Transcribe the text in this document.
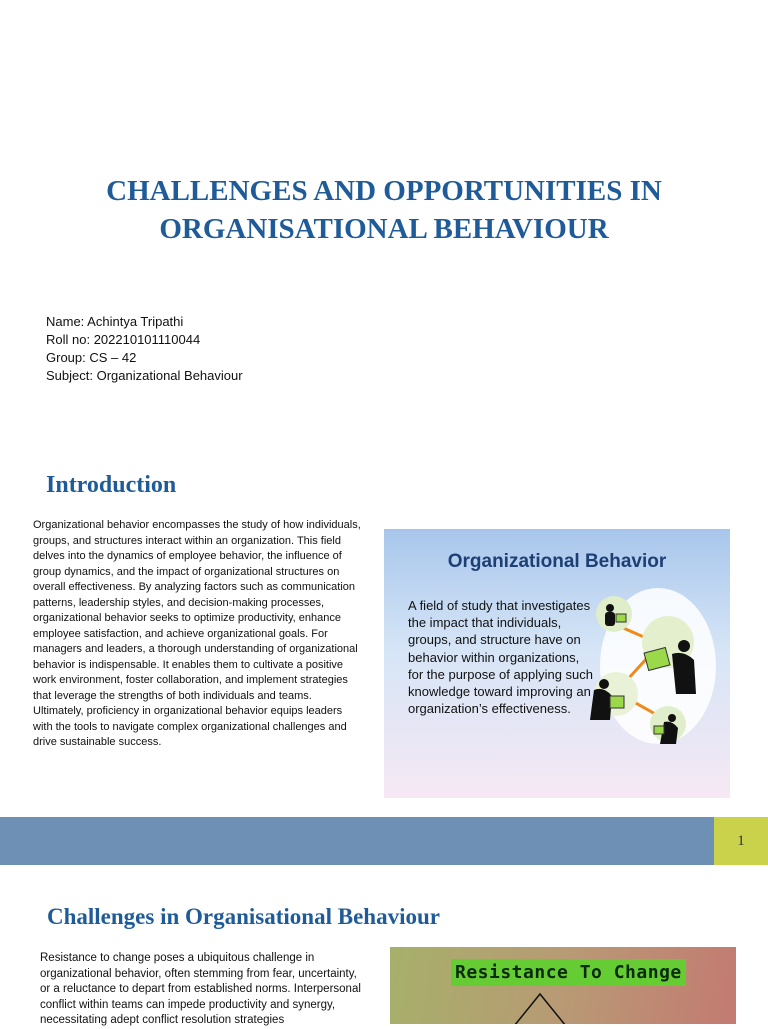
CHALLENGES AND OPPORTUNITIES IN
ORGANISATIONAL BEHAVIOUR
Name: Achintya Tripathi
Roll no: 202210101110044
Group: CS – 42
Subject: Organizational Behaviour
Introduction

Organizational behavior encompasses the study of how individuals, groups, and structures interact within an organization. This field delves into the dynamics of employee behavior, the influence of group dynamics, and the impact of organizational structures on overall effectiveness. By analyzing factors such as communication patterns, leadership styles, and decision-making processes, organizational behavior seeks to optimize productivity, enhance employee satisfaction, and achieve organizational goals. For managers and leaders, a thorough understanding of organizational behavior is indispensable. It enables them to cultivate a positive work environment, foster collaboration, and implement strategies that leverage the strengths of both individuals and teams. Ultimately, proficiency in organizational behavior equips leaders with the tools to navigate complex organizational challenges and drive sustainable success.

Organizational Behavior
A field of study that investigates the impact that individuals, groups, and structure have on behavior within organizations, for the purpose of applying such knowledge toward improving an organization’s effectiveness.
1
Challenges in Organisational Behaviour

Resistance to change poses a ubiquitous challenge in organizational behavior, often stemming from fear, uncertainty, or a reluctance to depart from established norms. Interpersonal conflict within teams can impede productivity and synergy, necessitating adept conflict resolution strategies

Resistance To Change
